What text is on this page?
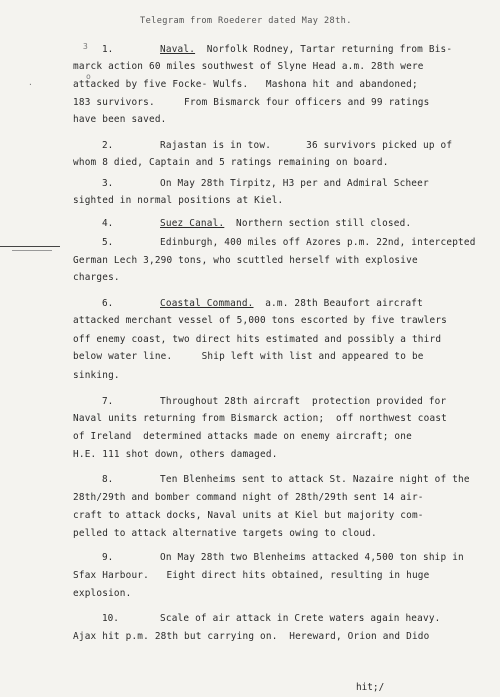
Telegram from Roederer dated May 28th.
3
.
o
1.	Naval.  Norfolk Rodney, Tartar returning from Bis-
marck action 60 miles southwest of Slyne Head a.m. 28th were
attacked by five Focke- Wulfs.   Mashona hit and abandoned;
183 survivors.     From Bismarck four officers and 99 ratings
have been saved.
2.	Rajastan is in tow.      36 survivors picked up of
whom 8 died, Captain and 5 ratings remaining on board.
3.	On May 28th Tirpitz, H3 per and Admiral Scheer
sighted in normal positions at Kiel.
4.	Suez Canal.  Northern section still closed.
5.	Edinburgh, 400 miles off Azores p.m. 22nd, intercepted
German Lech 3,290 tons, who scuttled herself with explosive
charges.
6.	Coastal Command.  a.m. 28th Beaufort aircraft
attacked merchant vessel of 5,000 tons escorted by five trawlers
off enemy coast, two direct hits estimated and possibly a third
below water line.     Ship left with list and appeared to be
sinking.
7.	Throughout 28th aircraft  protection provided for
Naval units returning from Bismarck action;  off northwest coast
of Ireland  determined attacks made on enemy aircraft; one
H.E. 111 shot down, others damaged.
8.	Ten Blenheims sent to attack St. Nazaire night of the
28th/29th and bomber command night of 28th/29th sent 14 air-
craft to attack docks, Naval units at Kiel but majority com-
pelled to attack alternative targets owing to cloud.
9.	On May 28th two Blenheims attacked 4,500 ton ship in
Sfax Harbour.   Eight direct hits obtained, resulting in huge
explosion.
10.	Scale of air attack in Crete waters again heavy.
Ajax hit p.m. 28th but carrying on.  Hereward, Orion and Dido
hit;/
